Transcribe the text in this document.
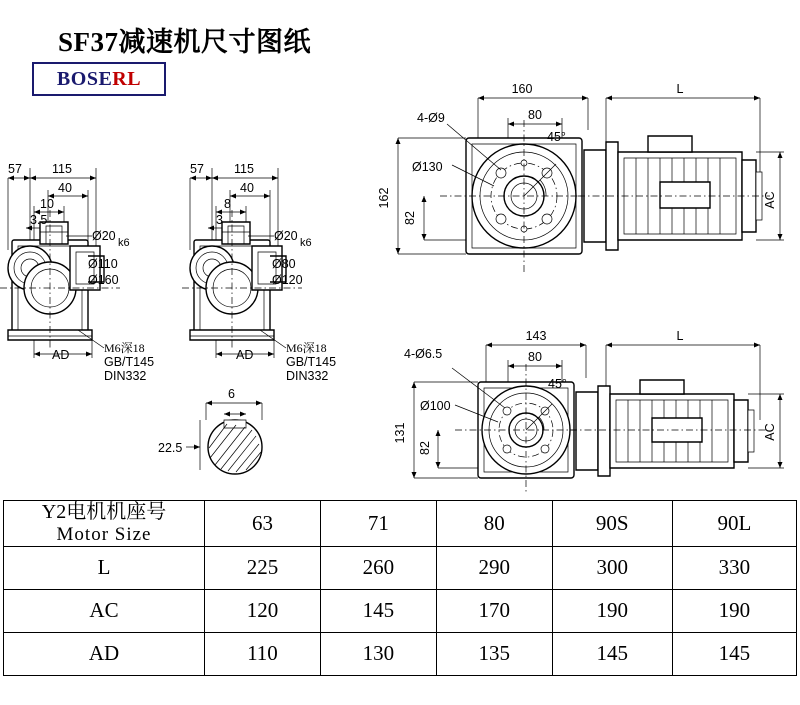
SF37减速机尺寸图纸
BOSE RL
57 115
40
10
3.5
Ø20 k6
Ø110
Ø160
AD	M6深18
GB/T145
DIN332
57 115
40
8
3
Ø20 k6
Ø80
Ø120
AD	M6深18
GB/T145
DIN332
6
22.5
160
80
4-Ø9
45°
Ø130
162
82
L
AC
143
80
4-Ø6.5
45°
Ø100
131
82
L
AC
Y2电机机座号
Motor Size	63	71	80	90S	90L
L	225	260	290	300	330
AC	120	145	170	190	190
AD	110	130	135	145	145
